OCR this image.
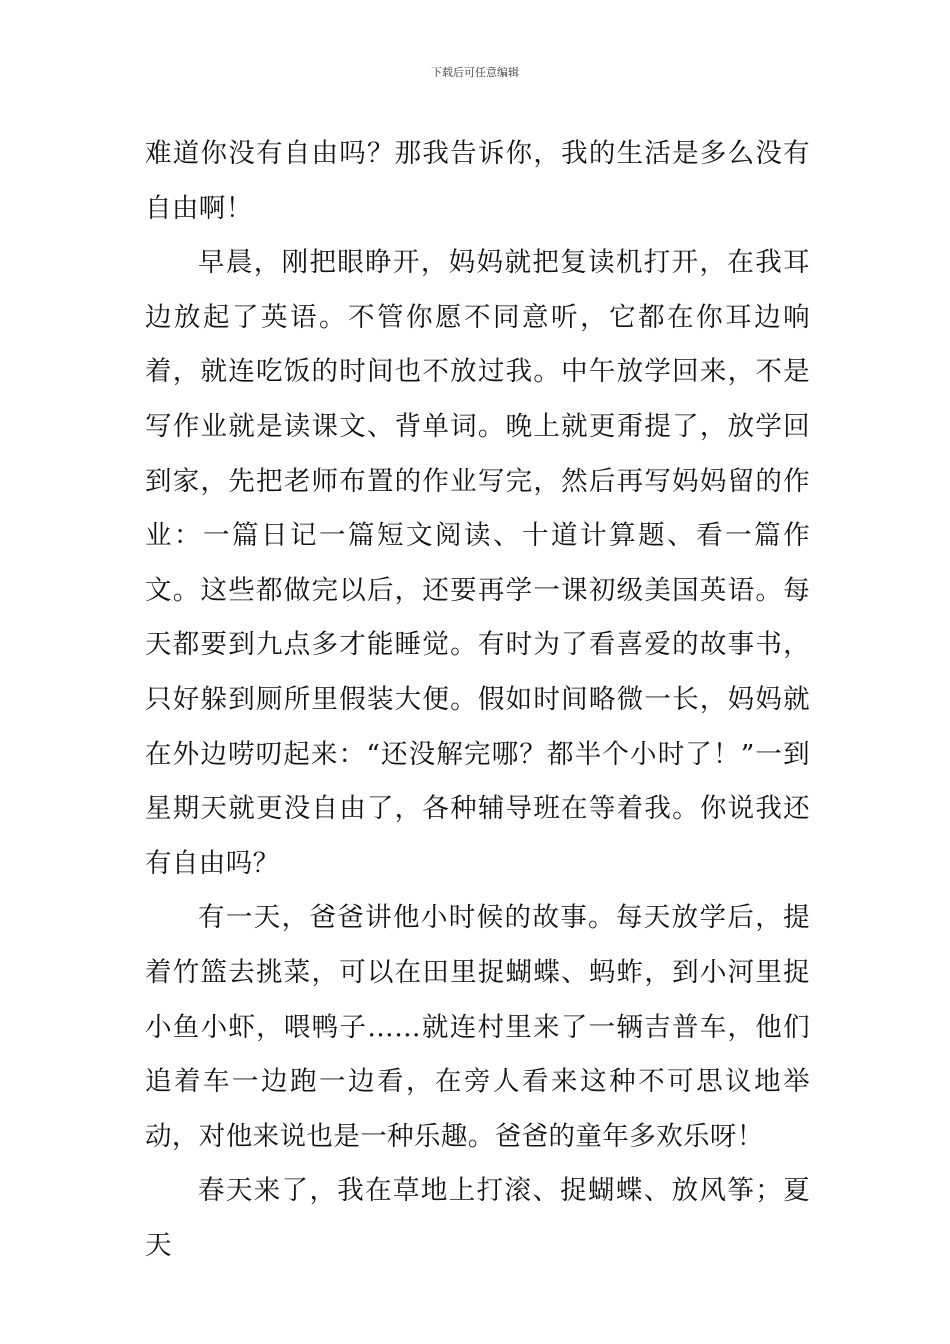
下载后可任意编辑

难道你没有自由吗？那我告诉你，我的生活是多么没有自由啊！

早晨，刚把眼睁开，妈妈就把复读机打开，在我耳边放起了英语。不管你愿不同意听，它都在你耳边响着，就连吃饭的时间也不放过我。中午放学回来，不是写作业就是读课文、背单词。晚上就更甭提了，放学回到家，先把老师布置的作业写完，然后再写妈妈留的作业：一篇日记一篇短文阅读、十道计算题、看一篇作文。这些都做完以后，还要再学一课初级美国英语。每天都要到九点多才能睡觉。有时为了看喜爱的故事书，只好躲到厕所里假装大便。假如时间略微一长，妈妈就在外边唠叨起来：“还没解完哪？都半个小时了！”一到星期天就更没自由了，各种辅导班在等着我。你说我还有自由吗？

有一天，爸爸讲他小时候的故事。每天放学后，提着竹篮去挑菜，可以在田里捉蝴蝶、蚂蚱，到小河里捉小鱼小虾，喂鸭子……就连村里来了一辆吉普车，他们追着车一边跑一边看，在旁人看来这种不可思议地举动，对他来说也是一种乐趣。爸爸的童年多欢乐呀！

春天来了，我在草地上打滚、捉蝴蝶、放风筝；夏天
